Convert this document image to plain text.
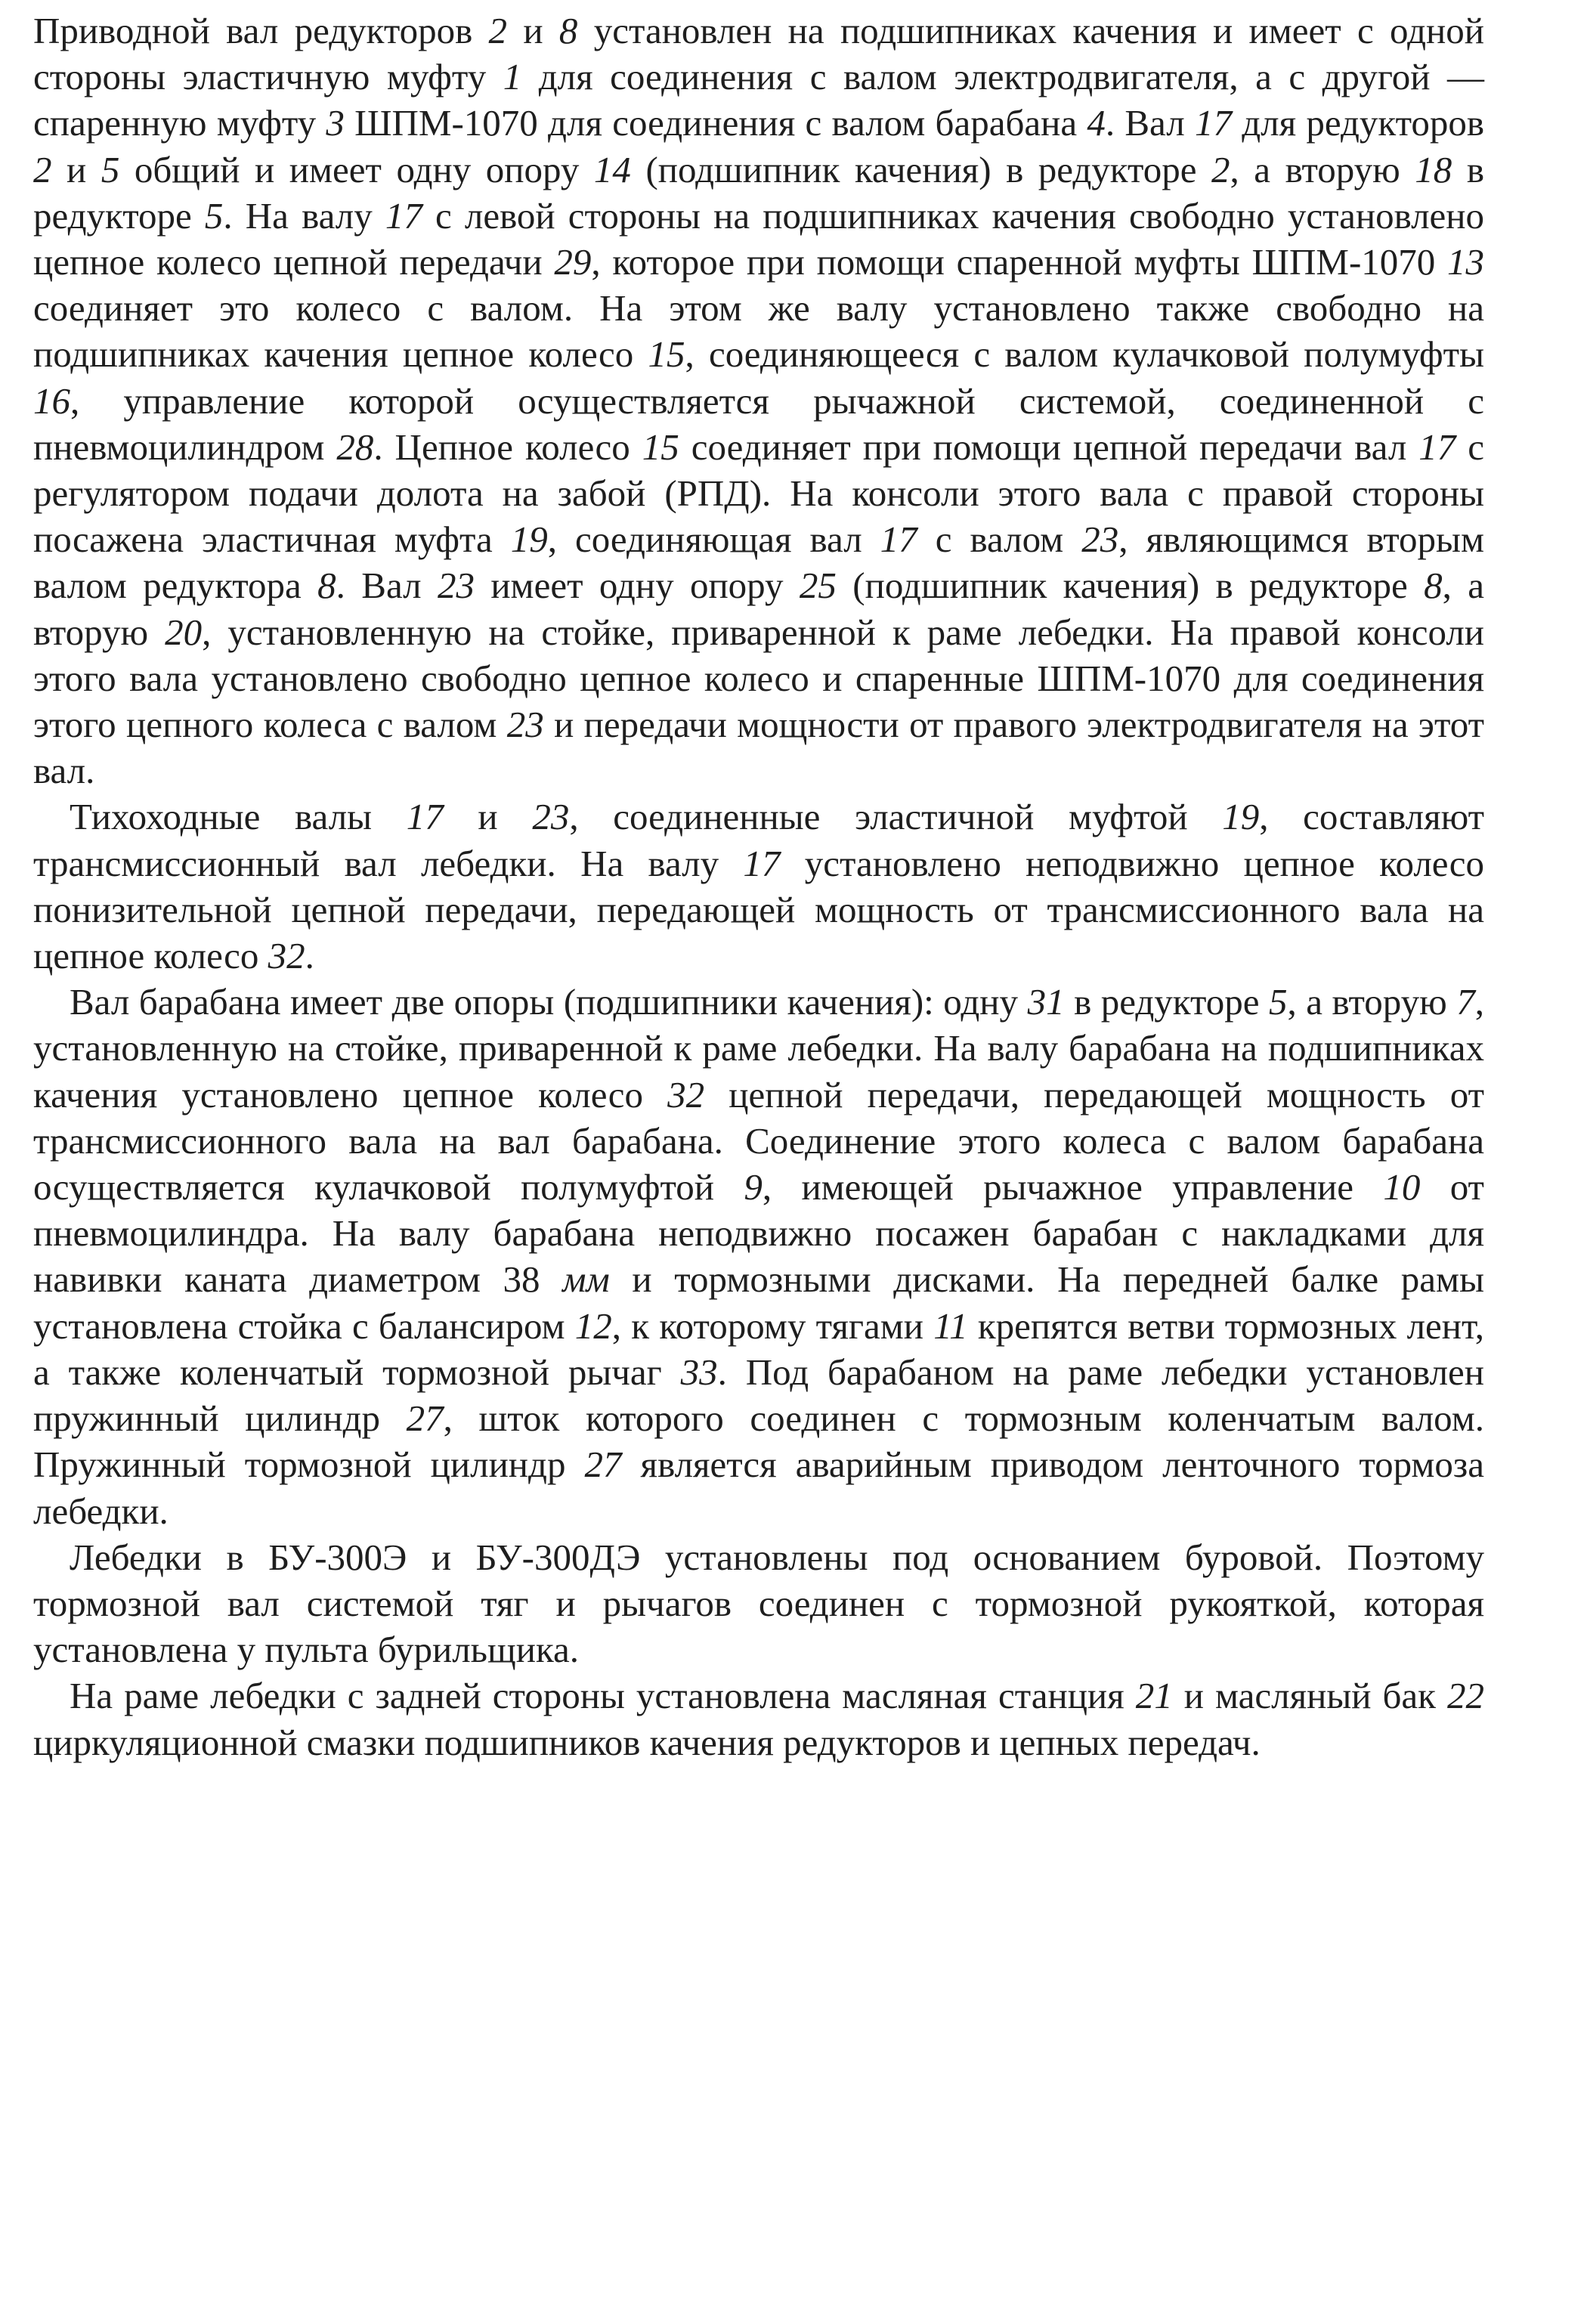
Приводной вал редукторов 2 и 8 установлен на подшипниках качения и имеет с одной стороны эластичную муфту 1 для соединения с валом электродвигателя, а с другой — спаренную муфту 3 ШПМ-1070 для соединения с валом барабана 4. Вал 17 для редукторов 2 и 5 общий и имеет одну опору 14 (подшипник качения) в редукторе 2, а вторую 18 в редукторе 5. На валу 17 с левой стороны на подшипниках качения свободно установлено цепное колесо цепной передачи 29, которое при помощи спаренной муфты ШПМ-1070 13 соединяет это колесо с валом. На этом же валу установлено также свободно на подшипниках качения цепное колесо 15, соединяющееся с валом кулачковой полумуфты 16, управление которой осуществляется рычажной системой, соединенной с пневмоцилиндром 28. Цепное колесо 15 соединяет при помощи цепной передачи вал 17 с регулятором подачи долота на забой (РПД). На консоли этого вала с правой стороны посажена эластичная муфта 19, соединяющая вал 17 с валом 23, являющимся вторым валом редуктора 8. Вал 23 имеет одну опору 25 (подшипник качения) в редукторе 8, а вторую 20, установленную на стойке, приваренной к раме лебедки. На правой консоли этого вала установлено свободно цепное колесо и спаренные ШПМ-1070 для соединения этого цепного колеса с валом 23 и передачи мощности от правого электродвигателя на этот вал.

Тихоходные валы 17 и 23, соединенные эластичной муфтой 19, составляют трансмиссионный вал лебедки. На валу 17 установлено неподвижно цепное колесо понизительной цепной передачи, передающей мощность от трансмиссионного вала на цепное колесо 32.

Вал барабана имеет две опоры (подшипники качения): одну 31 в редукторе 5, а вторую 7, установленную на стойке, приваренной к раме лебедки. На валу барабана на подшипниках качения установлено цепное колесо 32 цепной передачи, передающей мощность от трансмиссионного вала на вал барабана. Соединение этого колеса с валом барабана осуществляется кулачковой полумуфтой 9, имеющей рычажное управление 10 от пневмоцилиндра. На валу барабана неподвижно посажен барабан с накладками для навивки каната диаметром 38 мм и тормозными дисками. На передней балке рамы установлена стойка с балансиром 12, к которому тягами 11 крепятся ветви тормозных лент, а также коленчатый тормозной рычаг 33. Под барабаном на раме лебедки установлен пружинный цилиндр 27, шток которого соединен с тормозным коленчатым валом. Пружинный тормозной цилиндр 27 является аварийным приводом ленточного тормоза лебедки.

Лебедки в БУ-300Э и БУ-300ДЭ установлены под основанием буровой. Поэтому тормозной вал системой тяг и рычагов соединен с тормозной рукояткой, которая установлена у пульта бурильщика.

На раме лебедки с задней стороны установлена масляная станция 21 и масляный бак 22 циркуляционной смазки подшипников качения редукторов и цепных передач.
